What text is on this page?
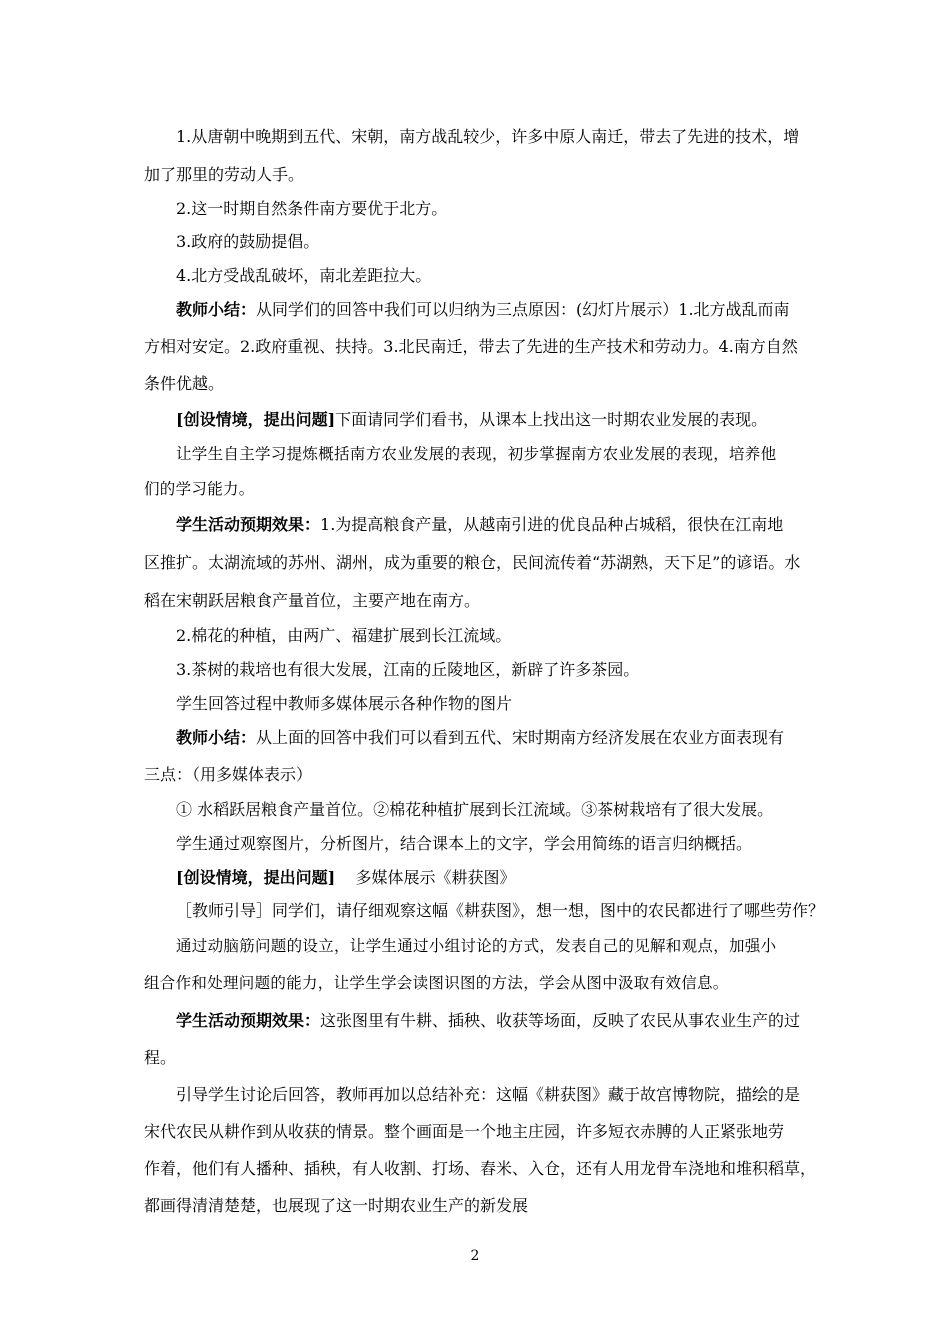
1.从唐朝中晚期到五代、宋朝，南方战乱较少，许多中原人南迁，带去了先进的技术，增

加了那里的劳动人手。

2.这一时期自然条件南方要优于北方。

3.政府的鼓励提倡。

4.北方受战乱破坏，南北差距拉大。

教师小结：从同学们的回答中我们可以归纳为三点原因：(幻灯片展示）1.北方战乱而南

方相对安定。2.政府重视、扶持。3.北民南迁，带去了先进的生产技术和劳动力。4.南方自然

条件优越。

[创设情境，提出问题]下面请同学们看书，从课本上找出这一时期农业发展的表现。

让学生自主学习提炼概括南方农业发展的表现，初步掌握南方农业发展的表现，培养他

们的学习能力。

学生活动预期效果：1.为提高粮食产量，从越南引进的优良品种占城稻，很快在江南地

区推扩。太湖流域的苏州、湖州，成为重要的粮仓，民间流传着“苏湖熟，天下足”的谚语。水

稻在宋朝跃居粮食产量首位，主要产地在南方。

2.棉花的种植，由两广、福建扩展到长江流域。

3.茶树的栽培也有很大发展，江南的丘陵地区，新辟了许多茶园。

学生回答过程中教师多媒体展示各种作物的图片

教师小结：从上面的回答中我们可以看到五代、宋时期南方经济发展在农业方面表现有

三点：（用多媒体表示）

① 水稻跃居粮食产量首位。②棉花种植扩展到长江流域。③茶树栽培有了很大发展。

学生通过观察图片，分析图片，结合课本上的文字，学会用简练的语言归纳概括。

[创设情境，提出问题]    多媒体展示《耕获图》

［教师引导］同学们，请仔细观察这幅《耕获图》，想一想，图中的农民都进行了哪些劳作？

通过动脑筋问题的设立，让学生通过小组讨论的方式，发表自己的见解和观点，加强小

组合作和处理问题的能力，让学生学会读图识图的方法，学会从图中汲取有效信息。

学生活动预期效果：这张图里有牛耕、插秧、收获等场面，反映了农民从事农业生产的过

程。

引导学生讨论后回答，教师再加以总结补充：这幅《耕获图》藏于故宫博物院，描绘的是

宋代农民从耕作到从收获的情景。整个画面是一个地主庄园，许多短衣赤膊的人正紧张地劳

作着，他们有人播种、插秧，有人收割、打场、舂米、入仓，还有人用龙骨车浇地和堆积稻草，

都画得清清楚楚，也展现了这一时期农业生产的新发展

2
